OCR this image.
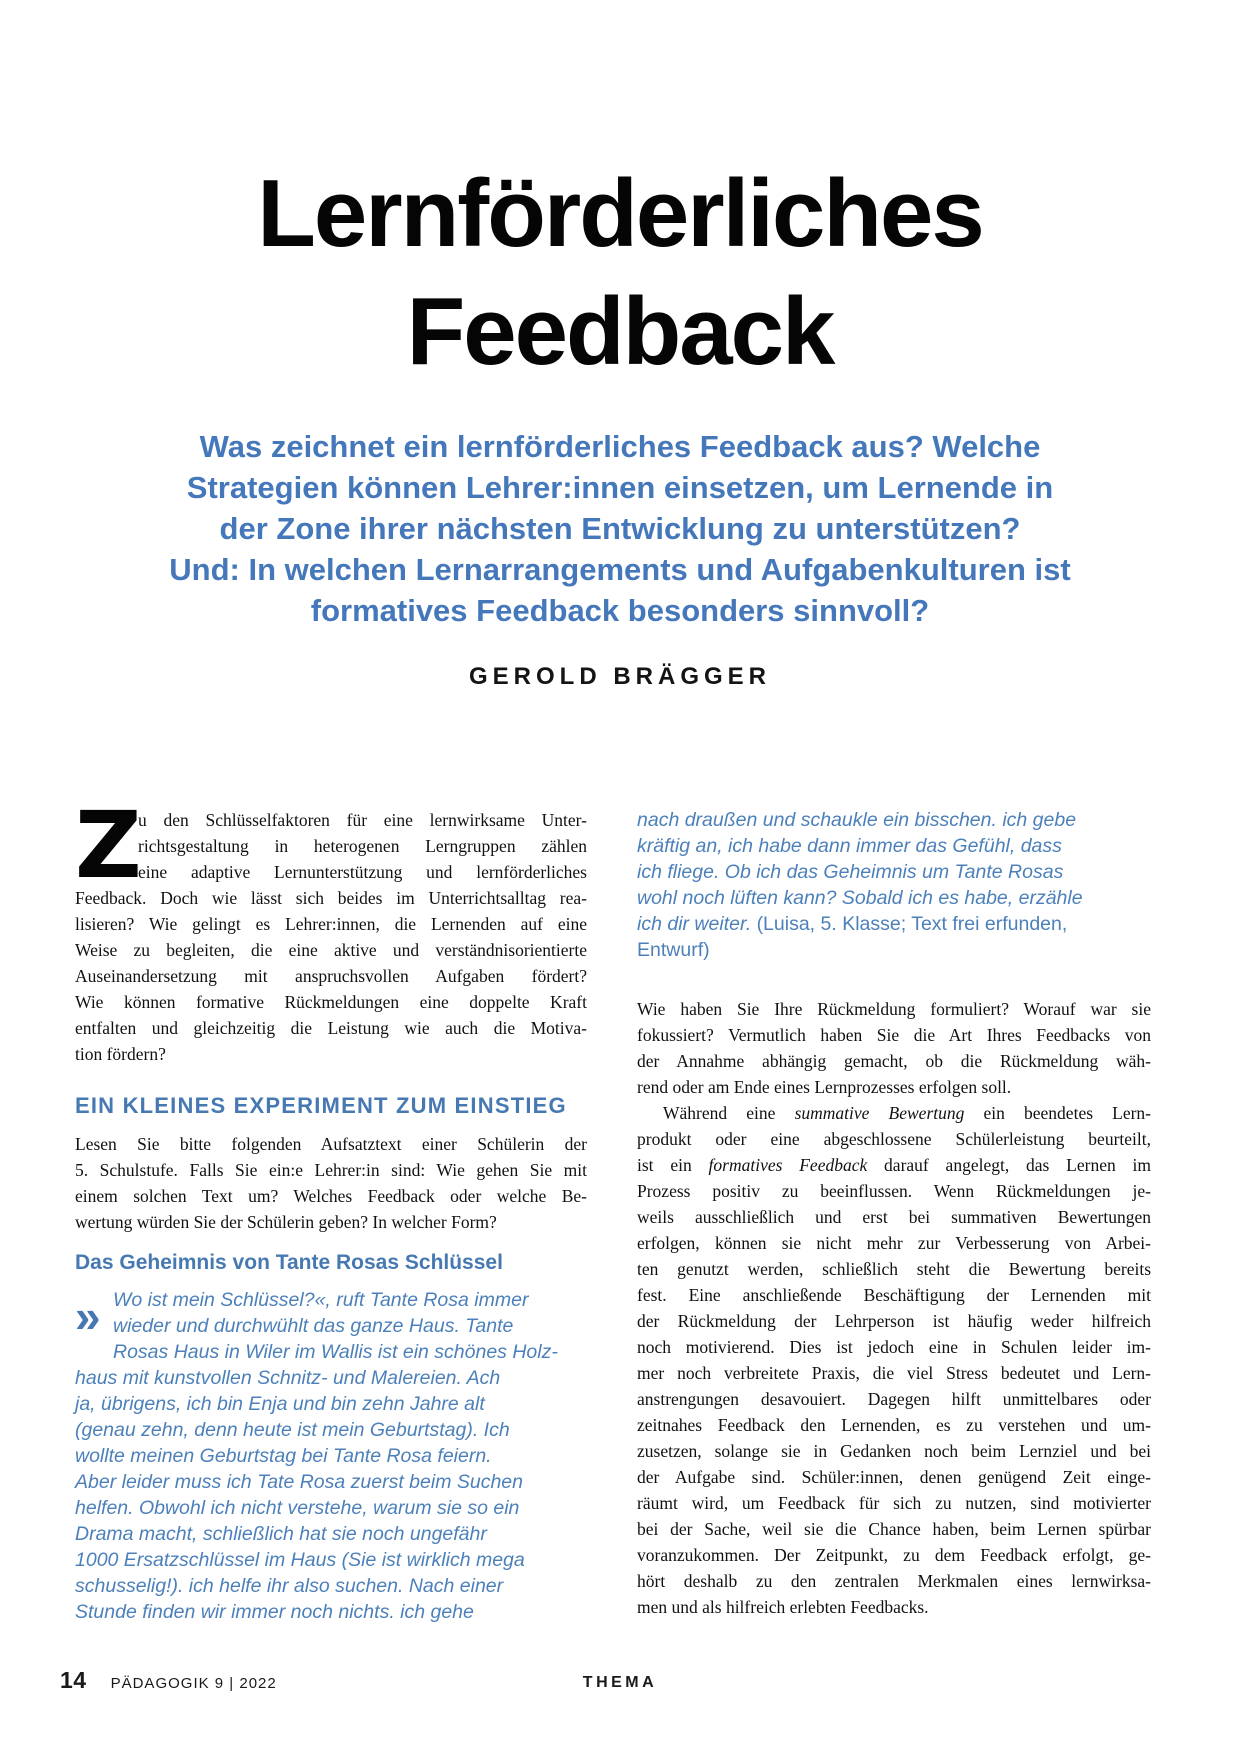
Lernförderliches
Feedback
Was zeichnet ein lernförderliches Feedback aus? Welche
Strategien können Lehrer:innen einsetzen, um Lernende in
der Zone ihrer nächsten Entwicklung zu unterstützen?
Und: In welchen Lernarrangements und Aufgabenkulturen ist
formatives Feedback besonders sinnvoll?
GEROLD BRÄGGER
Z
u den Schlüsselfaktoren für eine lernwirksame Unter-
richtsgestaltung in heterogenen Lerngruppen zählen
eine adaptive Lernunterstützung und lernförderliches
Feedback. Doch wie lässt sich beides im Unterrichtsalltag rea-
lisieren? Wie gelingt es Lehrer:innen, die Lernenden auf eine
Weise zu begleiten, die eine aktive und verständnisorientierte
Auseinandersetzung mit anspruchsvollen Aufgaben fördert?
Wie können formative Rückmeldungen eine doppelte Kraft
entfalten und gleichzeitig die Leistung wie auch die Motiva-
tion fördern?
EIN KLEINES EXPERIMENT ZUM EINSTIEG
Lesen Sie bitte folgenden Aufsatztext einer Schülerin der
5. Schulstufe. Falls Sie ein:e Lehrer:in sind: Wie gehen Sie mit
einem solchen Text um? Welches Feedback oder welche Be-
wertung würden Sie der Schülerin geben? In welcher Form?
Das Geheimnis von Tante Rosas Schlüssel
» Wo ist mein Schlüssel?«, ruft Tante Rosa immer
wieder und durchwühlt das ganze Haus. Tante
Rosas Haus in Wiler im Wallis ist ein schönes Holz-
haus mit kunstvollen Schnitz- und Malereien. Ach
ja, übrigens, ich bin Enja und bin zehn Jahre alt
(genau zehn, denn heute ist mein Geburtstag). Ich
wollte meinen Geburtstag bei Tante Rosa feiern.
Aber leider muss ich Tate Rosa zuerst beim Suchen
helfen. Obwohl ich nicht verstehe, warum sie so ein
Drama macht, schließlich hat sie noch ungefähr
1000 Ersatzschlüssel im Haus (Sie ist wirklich mega
schusselig!). ich helfe ihr also suchen. Nach einer
Stunde finden wir immer noch nichts. ich gehe
nach draußen und schaukle ein bisschen. ich gebe
kräftig an, ich habe dann immer das Gefühl, dass
ich fliege. Ob ich das Geheimnis um Tante Rosas
wohl noch lüften kann? Sobald ich es habe, erzähle
ich dir weiter. (Luisa, 5. Klasse; Text frei erfunden,
Entwurf)
Wie haben Sie Ihre Rückmeldung formuliert? Worauf war sie
fokussiert? Vermutlich haben Sie die Art Ihres Feedbacks von
der Annahme abhängig gemacht, ob die Rückmeldung wäh-
rend oder am Ende eines Lernprozesses erfolgen soll.
Während eine summative Bewertung ein beendetes Lern-
produkt oder eine abgeschlossene Schülerleistung beurteilt,
ist ein formatives Feedback darauf angelegt, das Lernen im
Prozess positiv zu beeinflussen. Wenn Rückmeldungen je-
weils ausschließlich und erst bei summativen Bewertungen
erfolgen, können sie nicht mehr zur Verbesserung von Arbei-
ten genutzt werden, schließlich steht die Bewertung bereits
fest. Eine anschließende Beschäftigung der Lernenden mit
der Rückmeldung der Lehrperson ist häufig weder hilfreich
noch motivierend. Dies ist jedoch eine in Schulen leider im-
mer noch verbreitete Praxis, die viel Stress bedeutet und Lern-
anstrengungen desavouiert. Dagegen hilft unmittelbares oder
zeitnahes Feedback den Lernenden, es zu verstehen und um-
zusetzen, solange sie in Gedanken noch beim Lernziel und bei
der Aufgabe sind. Schüler:innen, denen genügend Zeit einge-
räumt wird, um Feedback für sich zu nutzen, sind motivierter
bei der Sache, weil sie die Chance haben, beim Lernen spürbar
voranzukommen. Der Zeitpunkt, zu dem Feedback erfolgt, ge-
hört deshalb zu den zentralen Merkmalen eines lernwirksa-
men und als hilfreich erlebten Feedbacks.
14 PÄDAGOGIK 9 | 2022	THEMA
